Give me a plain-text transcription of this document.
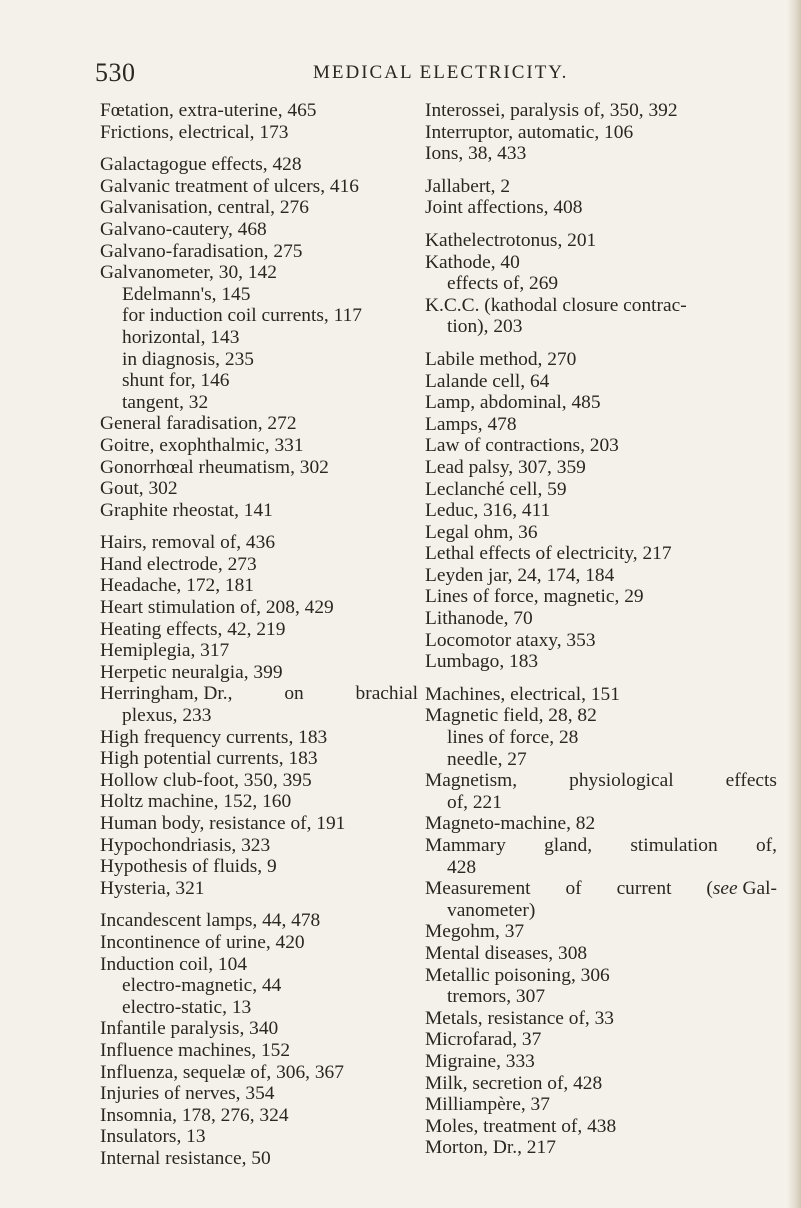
530	MEDICAL ELECTRICITY.
Fœtation, extra-uterine, 465
Frictions, electrical, 173
Galactagogue effects, 428
Galvanic treatment of ulcers, 416
Galvanisation, central, 276
Galvano-cautery, 468
Galvano-faradisation, 275
Galvanometer, 30, 142
Edelmann's, 145
for induction coil currents, 117
horizontal, 143
in diagnosis, 235
shunt for, 146
tangent, 32
General faradisation, 272
Goitre, exophthalmic, 331
Gonorrhœal rheumatism, 302
Gout, 302
Graphite rheostat, 141
Hairs, removal of, 436
Hand electrode, 273
Headache, 172, 181
Heart stimulation of, 208, 429
Heating effects, 42, 219
Hemiplegia, 317
Herpetic neuralgia, 399
Herringham, Dr.,	on	brachial
plexus, 233
High frequency currents, 183
High potential currents, 183
Hollow club-foot, 350, 395
Holtz machine, 152, 160
Human body, resistance of, 191
Hypochondriasis, 323
Hypothesis of fluids, 9
Hysteria, 321
Incandescent lamps, 44, 478
Incontinence of urine, 420
Induction coil, 104
electro-magnetic, 44
electro-static, 13
Infantile paralysis, 340
Influence machines, 152
Influenza, sequelæ of, 306, 367
Injuries of nerves, 354
Insomnia, 178, 276, 324
Insulators, 13
Internal resistance, 50
Interossei, paralysis of, 350, 392
Interruptor, automatic, 106
Ions, 38, 433
Jallabert, 2
Joint affections, 408
Kathelectrotonus, 201
Kathode, 40
effects of, 269
K.C.C. (kathodal closure contrac-
tion), 203
Labile method, 270
Lalande cell, 64
Lamp, abdominal, 485
Lamps, 478
Law of contractions, 203
Lead palsy, 307, 359
Leclanché cell, 59
Leduc, 316, 411
Legal ohm, 36
Lethal effects of electricity, 217
Leyden jar, 24, 174, 184
Lines of force, magnetic, 29
Lithanode, 70
Locomotor ataxy, 353
Lumbago, 183
Machines, electrical, 151
Magnetic field, 28, 82
lines of force, 28
needle, 27
Magnetism,	physiological	effects
of, 221
Magneto-machine, 82
Mammary gland, stimulation of,
428
Measurement of current (see Gal-
vanometer)
Megohm, 37
Mental diseases, 308
Metallic poisoning, 306
tremors, 307
Metals, resistance of, 33
Microfarad, 37
Migraine, 333
Milk, secretion of, 428
Milliampère, 37
Moles, treatment of, 438
Morton, Dr., 217
